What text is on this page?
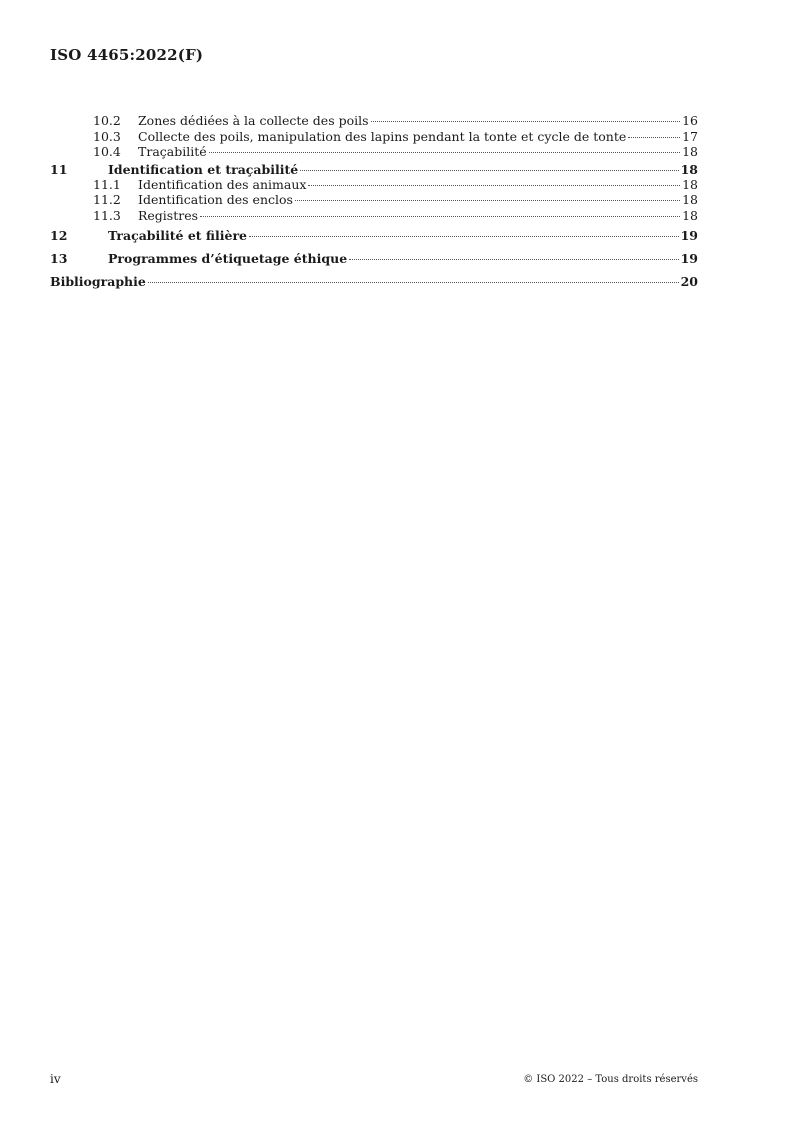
ISO 4465:2022(F)
10.2	Zones dédiées à la collecte des poils	16
10.3	Collecte des poils, manipulation des lapins pendant la tonte et cycle de tonte	17
10.4	Traçabilité	18
11	Identification et traçabilité	18
11.1	Identification des animaux	18
11.2	Identification des enclos	18
11.3	Registres	18
12	Traçabilité et filière	19
13	Programmes d’étiquetage éthique	19
Bibliographie	20
iv	© ISO 2022 – Tous droits réservés
